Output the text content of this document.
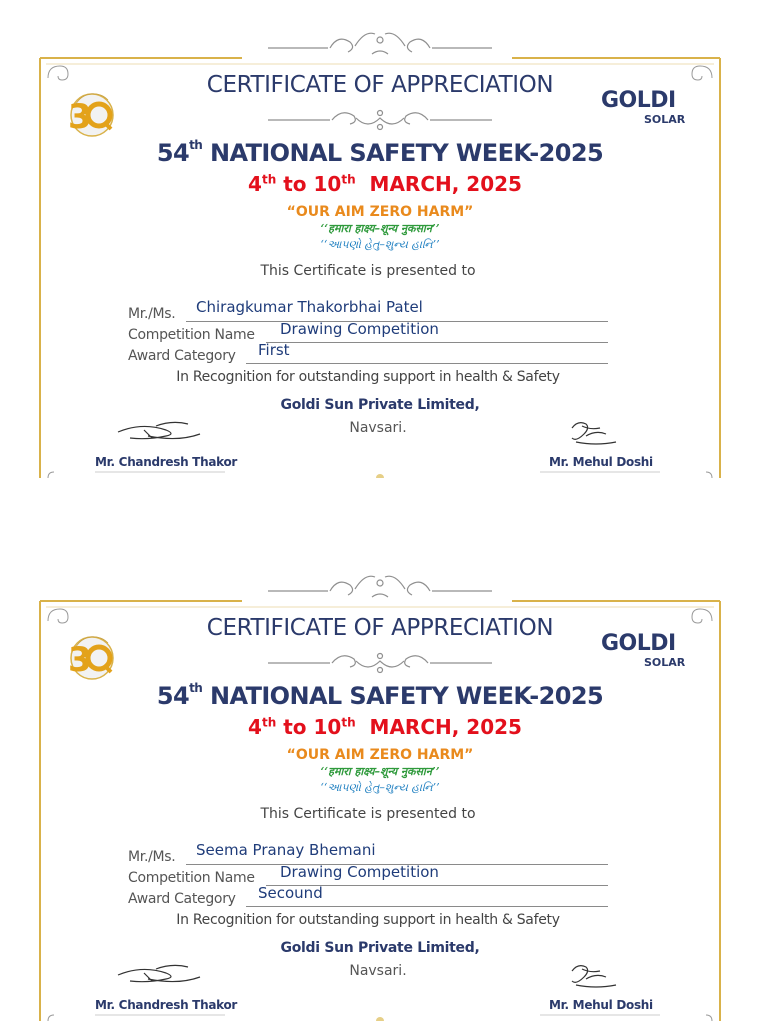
3
CERTIFICATE OF APPRECIATION
GOLDI
SOLAR
54th NATIONAL SAFETY WEEK-2025
4th to 10th MARCH, 2025
“OUR AIM ZERO HARM”
‘‘हमारा हाक्ष्य–शून्य नुकसान’’
‘‘આપણો હેતુ–શુન્ય હાનિ’’
This Certificate is presented to
Mr./Ms. Chiragkumar Thakorbhai Patel
Competition Name Drawing Competition
Award Category First
In Recognition for outstanding support in health & Safety
Goldi Sun Private Limited,
Navsari.
Mr. Chandresh Thakor	Mr. Mehul Doshi
3
CERTIFICATE OF APPRECIATION
GOLDI
SOLAR
54th NATIONAL SAFETY WEEK-2025
4th to 10th MARCH, 2025
“OUR AIM ZERO HARM”
‘‘हमारा हाक्ष्य–शून्य नुकसान’’
‘‘આપણો હેતુ–શુન્ય હાનિ’’
This Certificate is presented to
Mr./Ms. Seema Pranay Bhemani
Competition Name Drawing Competition
Award Category Secound
In Recognition for outstanding support in health & Safety
Goldi Sun Private Limited,
Navsari.
Mr. Chandresh Thakor	Mr. Mehul Doshi
